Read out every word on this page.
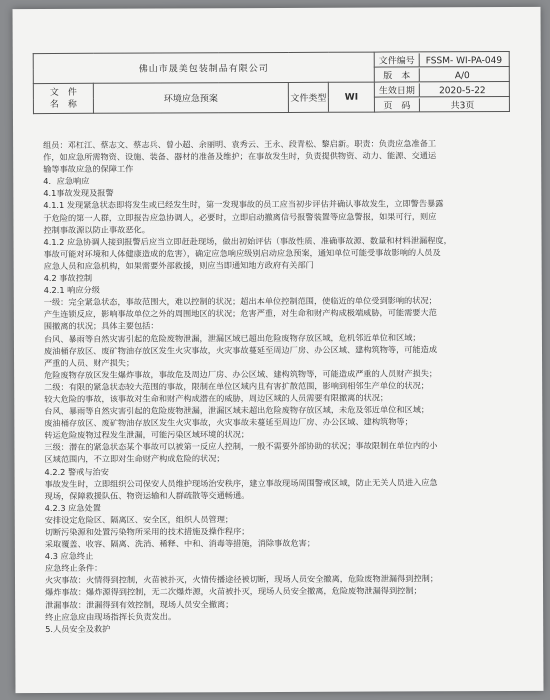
佛山市晟美包装制品有限公司				文件编号 FSSM- WI-PA-049
				版　本 A/0

文　件
名　称	环境应急预案	文件类型	WI	生效日期 2020-5-22
				页　码 共3页

组员：邓杠江、蔡志文、蔡志兵、曾小超、余丽明、袁秀云、王永、段青松、黎启新。职责：负责应急准备工

作，如应急所需物资、设施、装备、器材的准备及维护；在事故发生时，负责提供物资、动力、能源、交通运

输等事故应急的保障工作

4．应急响应

4.1事故发现及报警

4.1.1 发现紧急状态即将发生或已经发生时，第一发现事故的员工应当初步评估并确认事故发生，立即警告暴露

于危险的第一人群，立即报告应急协调人，必要时，立即启动撤离信号报警装置等应急警报，如果可行，则应

控制事故源以防止事故恶化。

4.1.2 应急协调人接到报警后应当立即赶赴现场，做出初始评估（事故性质、准确事故源、数量和材料泄漏程度，

事故可能对环境和人体健康造成的危害），确定应急响应级别启动应急预案，通知单位可能受事故影响的人员及

应急人员和应急机构，如果需要外部救援，则应当即通知地方政府有关部门

4.2 事故控制

4.2.1 响应分级

一级：完全紧急状态，事故范围大，难以控制的状况；超出本单位控制范围，使临近的单位受到影响的状况；

产生连锁反应，影响事故单位之外的周围地区的状况；危害严重，对生命和财产构成极端威胁，可能需要大范

围撤离的状况；具体主要包括：

台风、暴雨等自然灾害引起的危险废物泄漏，泄漏区域已超出危险废物存放区域，危机邻近单位和区域；

废油桶存放区、废矿物油存放区发生火灾事故，火灾事故蔓延至周边厂房、办公区域、建构筑物等，可能造成

严重的人员、财产损失；

危险废物存放区发生爆炸事故，事故危及周边厂房、办公区域、建构筑物等，可能造成严重的人员财产损失；

二级：有限的紧急状态较大范围的事故，限制在单位区域内且有害扩散范围，影响到相邻生产单位的状况；

较大危险的事故，该事故对生命和财产构成潜在的威胁，周边区域的人员需要有限撤离的状况；

台风、暴雨等自然灾害引起的危险废物泄漏，泄漏区域未超出危险废物存放区域，未危及邻近单位和区域；

废油桶存放区、废矿物油存放区发生火灾事故，火灾事故未蔓延至周边厂房、办公区域、建构筑物等；

转运危险废物过程发生泄漏，可能污染区域环境的状况；

三级：潜在的紧急状态某个事故可以被第一反应人控制，一般不需要外部协助的状况；事故限制在单位内的小

区域范围内，不立即对生命财产构成危险的状况；

4.2.2 警戒与治安

事故发生时，立即组织公司保安人员维护现场治安秩序，建立事故现场周围警戒区域，防止无关人员进入应急

现场，保障救援队伍、物资运输和人群疏散等交通畅通。

4.2.3 应急处置

安排设定危险区、隔离区、安全区，组织人员管理；

切断污染源和处置污染物所采用的技术措施及操作程序；

采取覆盖、收容、隔离、洗消、稀释、中和、消毒等措施，消除事故危害；

4.3 应急终止

应急终止条件：

火灾事故：火情得到控制，火苗被扑灭，火情传播途径被切断，现场人员安全撤离，危险废物泄漏得到控制；

爆炸事故：爆炸源得到控制，无二次爆炸源，火苗被扑灭，现场人员安全撤离，危险废物泄漏得到控制；

泄漏事故：泄漏得到有效控制，现场人员安全撤离；

终止应急应由现场指挥长负责发出。

5.人员安全及救护
